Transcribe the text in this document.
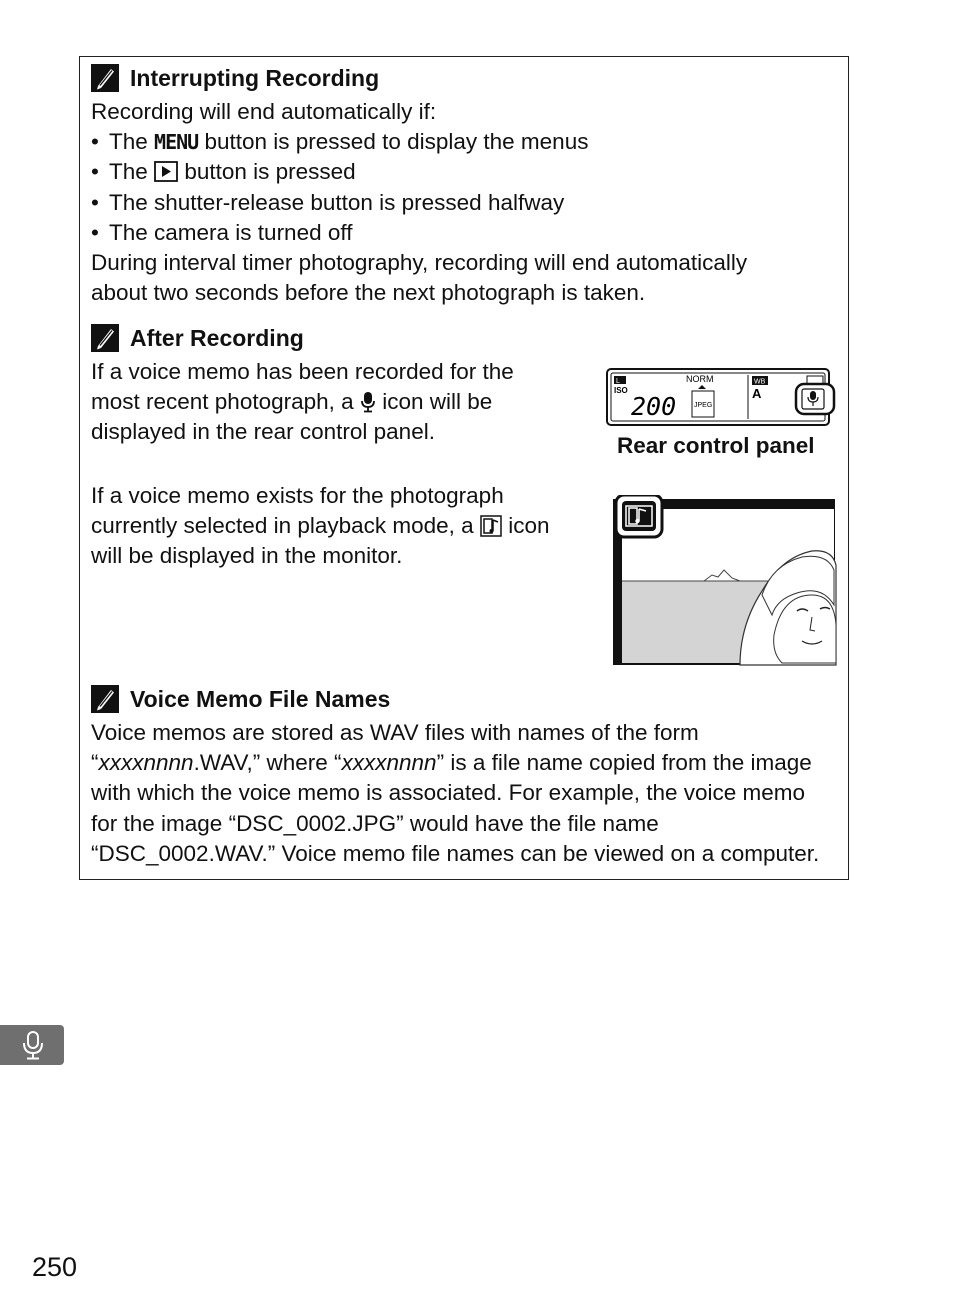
Interrupting Recording

Recording will end automatically if:

• The MENU button is pressed to display the menus
• The button is pressed
• The shutter-release button is pressed halfway
• The camera is turned off

During interval timer photography, recording will end automatically

about two seconds before the next photograph is taken.

After Recording

If a voice memo has been recorded for the

most recent photograph, a icon will be

displayed in the rear control panel.

L
ISO
NORM
200	JPEG
WB
A
Rear control panel

If a voice memo exists for the photograph

currently selected in playback mode, a icon

will be displayed in the monitor.

Voice Memo File Names

Voice memos are stored as WAV files with names of the form

“xxxxnnnn.WAV,” where “xxxxnnnn” is a file name copied from the image

with which the voice memo is associated. For example, the voice memo

for the image “DSC_0002.JPG” would have the file name

“DSC_0002.WAV.” Voice memo file names can be viewed on a computer.

250
